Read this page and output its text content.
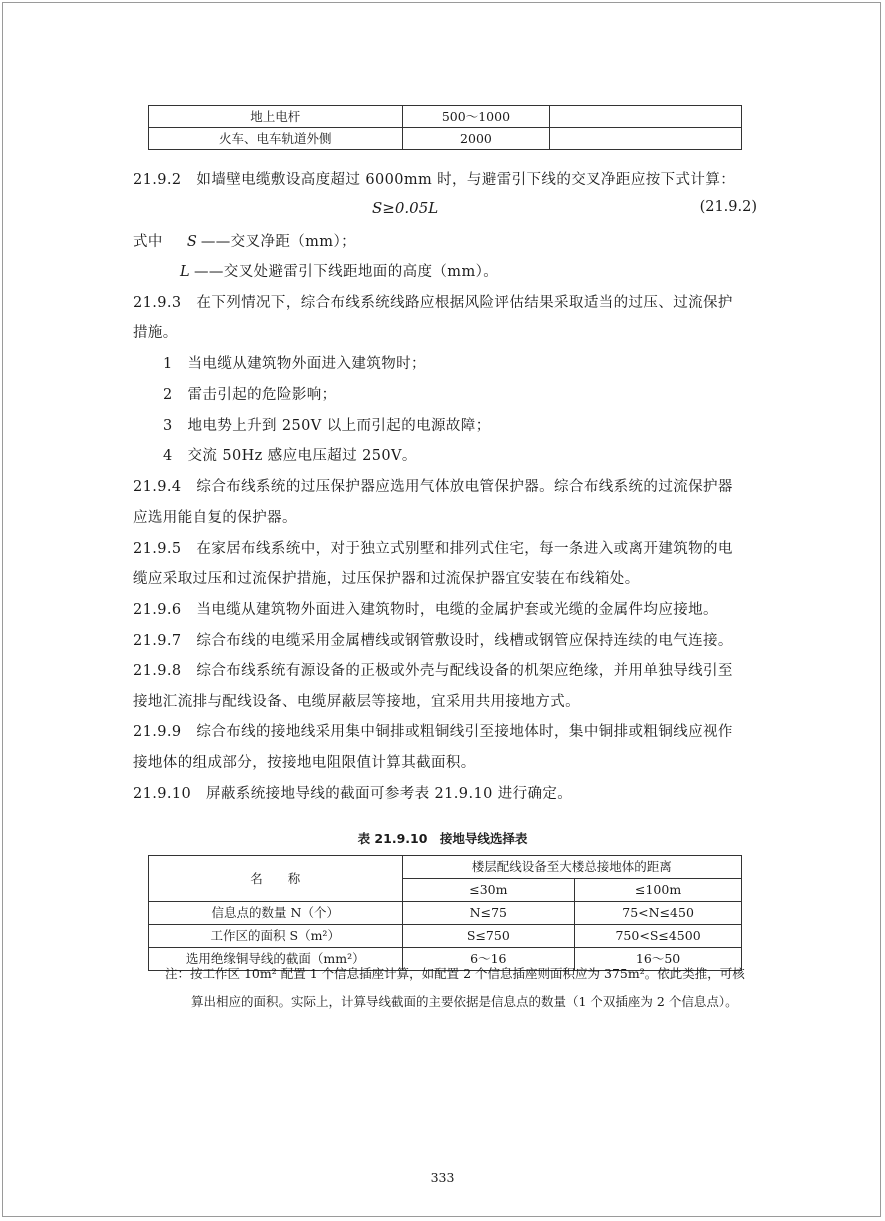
地上电杆	500～1000	
火车、电车轨道外侧	2000	
21.9.2　如墙壁电缆敷设高度超过 6000mm 时，与避雷引下线的交叉净距应按下式计算：
S≥0.05L	(21.9.2)
式中 S ——交叉净距（mm）；
L ——交叉处避雷引下线距地面的高度（mm）。
21.9.3　在下列情况下，综合布线系统线路应根据风险评估结果采取适当的过压、过流保护
措施。
1　当电缆从建筑物外面进入建筑物时；
2　雷击引起的危险影响；
3　地电势上升到 250V 以上而引起的电源故障；
4　交流 50Hz 感应电压超过 250V。
21.9.4　综合布线系统的过压保护器应选用气体放电管保护器。综合布线系统的过流保护器
应选用能自复的保护器。
21.9.5　在家居布线系统中，对于独立式别墅和排列式住宅，每一条进入或离开建筑物的电
缆应采取过压和过流保护措施，过压保护器和过流保护器宜安装在布线箱处。
21.9.6　当电缆从建筑物外面进入建筑物时，电缆的金属护套或光缆的金属件均应接地。
21.9.7　综合布线的电缆采用金属槽线或钢管敷设时，线槽或钢管应保持连续的电气连接。
21.9.8　综合布线系统有源设备的正极或外壳与配线设备的机架应绝缘，并用单独导线引至
接地汇流排与配线设备、电缆屏蔽层等接地，宜采用共用接地方式。
21.9.9　综合布线的接地线采用集中铜排或粗铜线引至接地体时，集中铜排或粗铜线应视作
接地体的组成部分，按接地电阻限值计算其截面积。
21.9.10　屏蔽系统接地导线的截面可参考表 21.9.10 进行确定。
表 21.9.10　接地导线选择表
名　　称	楼层配线设备至大楼总接地体的距离	
	≤30m	≤100m
信息点的数量 N（个）	N≤75	75<N≤450
工作区的面积 S（m²）	S≤750	750<S≤4500
选用绝缘铜导线的截面（mm²）	6～16	16～50
注：按工作区 10m² 配置 1 个信息插座计算，如配置 2 个信息插座则面积应为 375m²。依此类推，可核
算出相应的面积。实际上，计算导线截面的主要依据是信息点的数量（1 个双插座为 2 个信息点）。
333
